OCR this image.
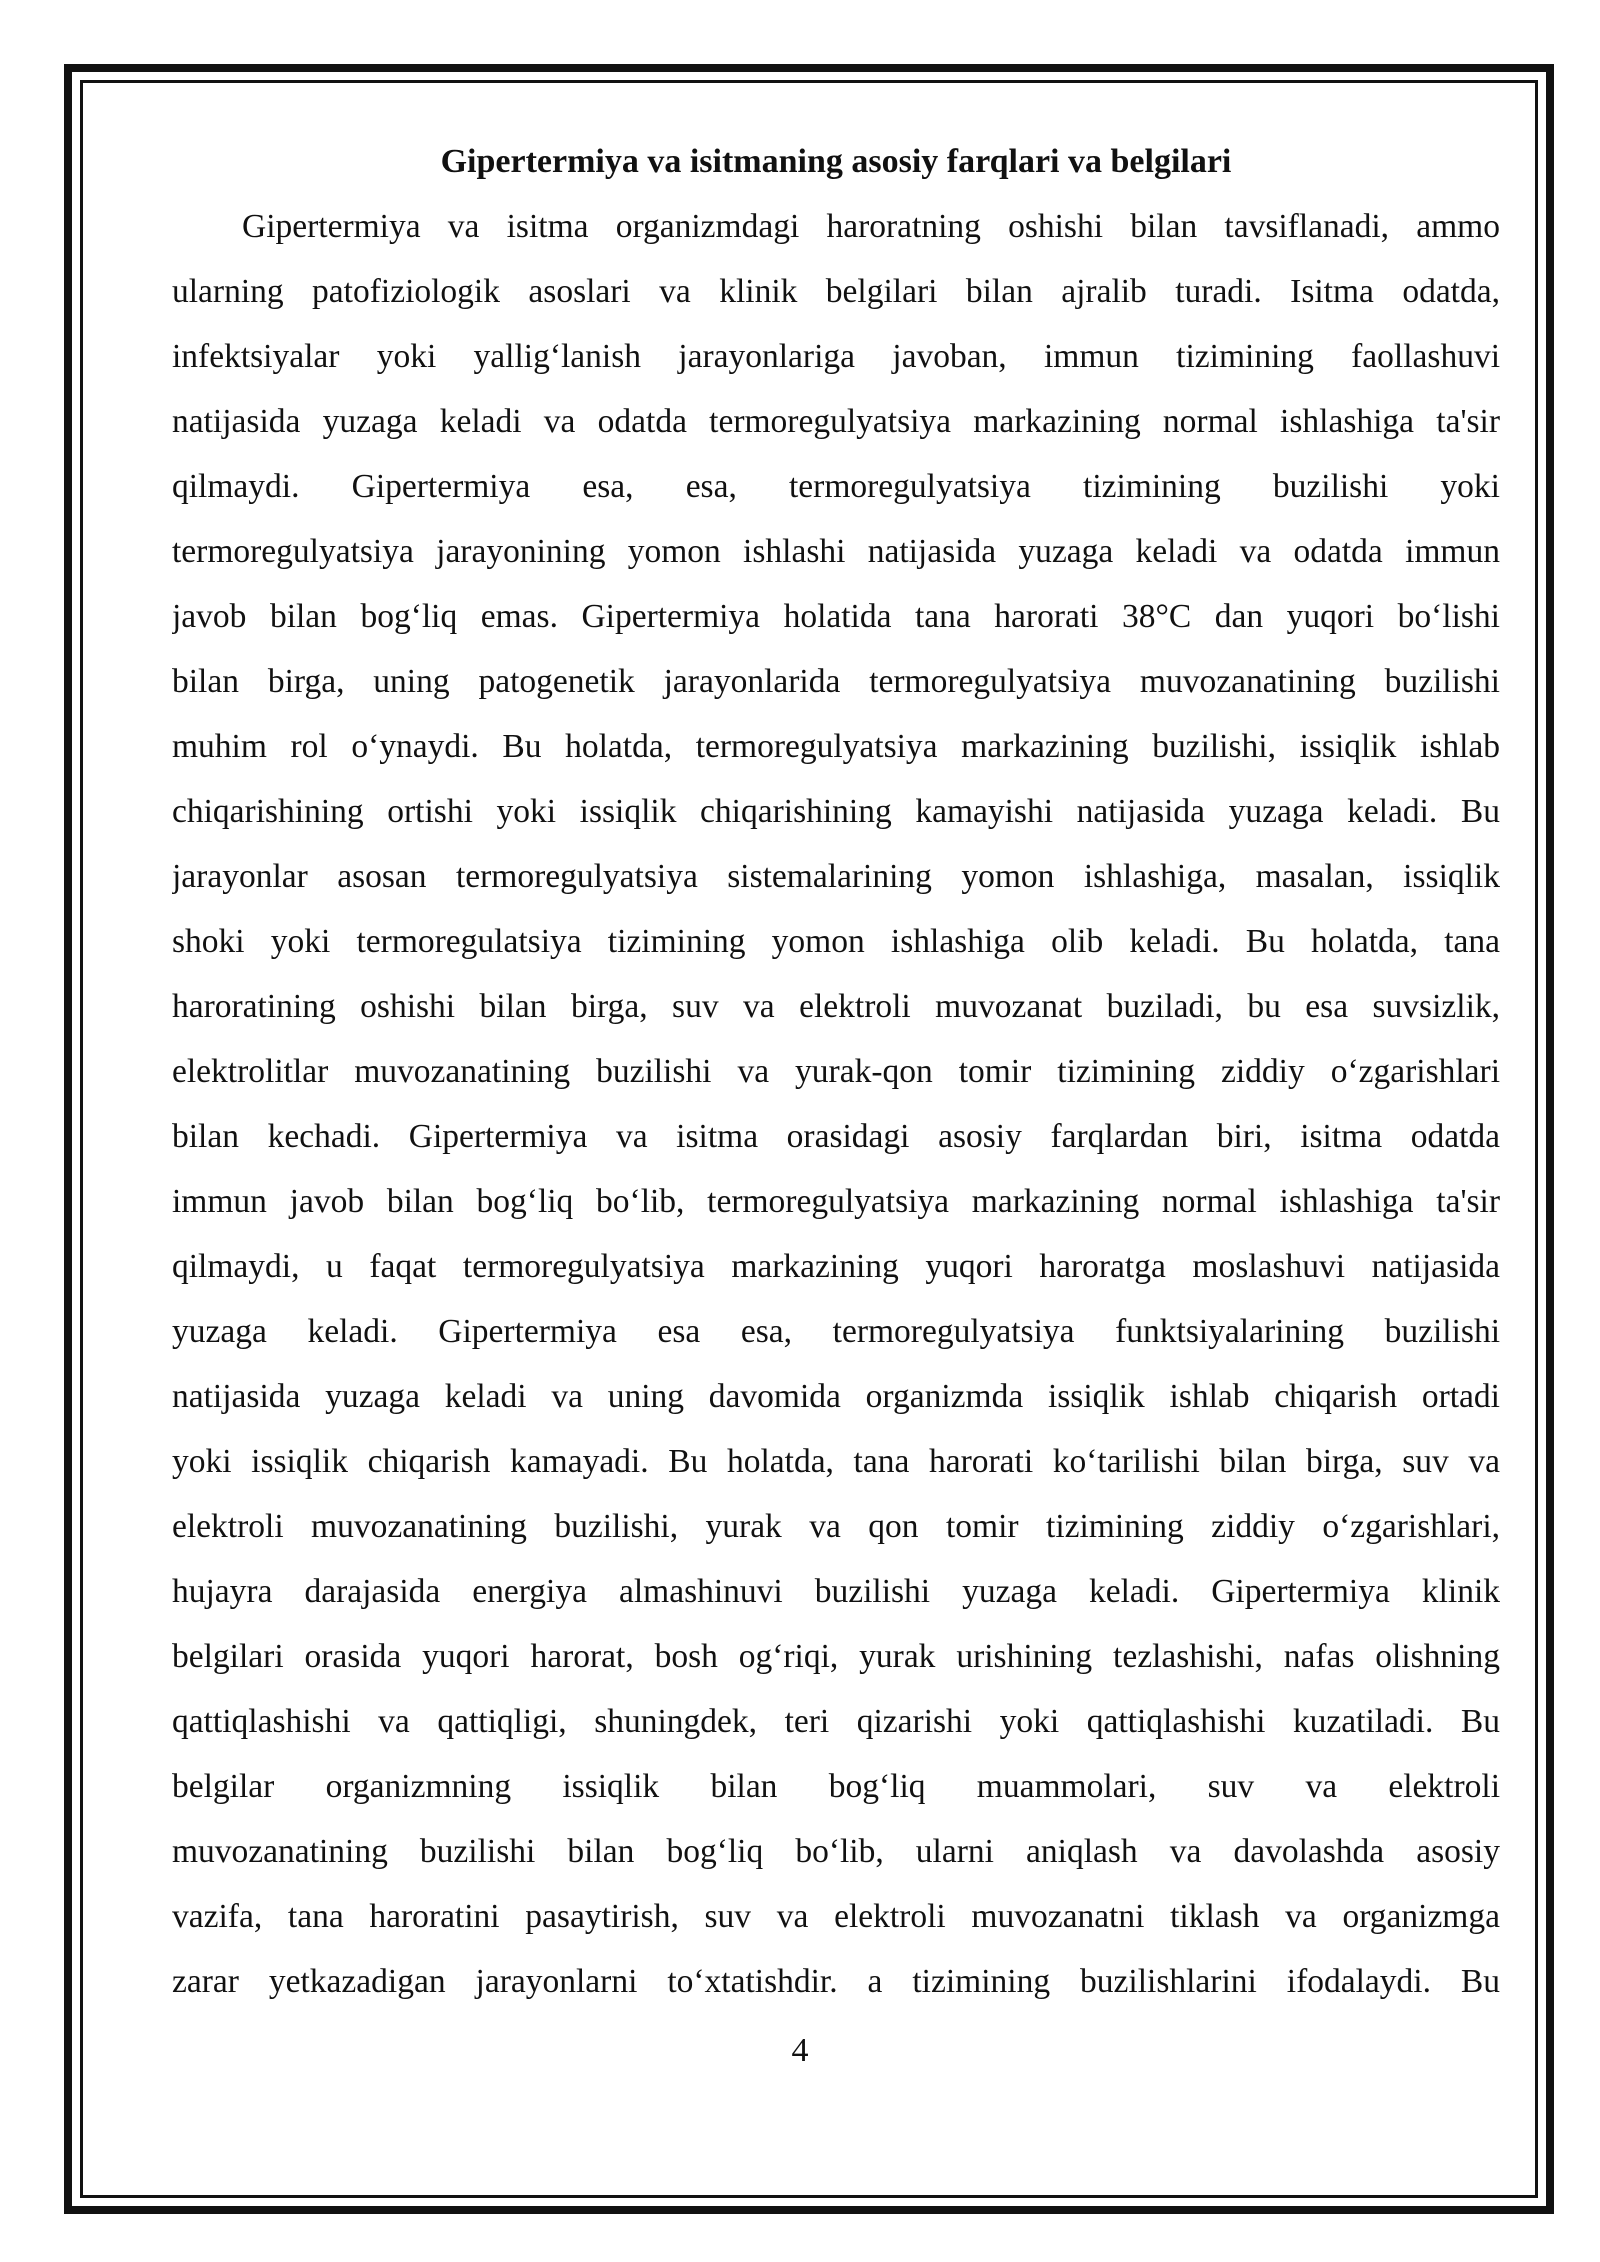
Gipertermiya va isitmaning asosiy farqlari va belgilari
Gipertermiya va isitma organizmdagi haroratning oshishi bilan tavsiflanadi, ammo
ularning patofiziologik asoslari va klinik belgilari bilan ajralib turadi. Isitma odatda,
infektsiyalar yoki yallig‘lanish jarayonlariga javoban, immun tizimining faollashuvi
natijasida yuzaga keladi va odatda termoregulyatsiya markazining normal ishlashiga ta'sir
qilmaydi. Gipertermiya esa, esa, termoregulyatsiya tizimining buzilishi yoki
termoregulyatsiya jarayonining yomon ishlashi natijasida yuzaga keladi va odatda immun
javob bilan bog‘liq emas. Gipertermiya holatida tana harorati 38°C dan yuqori bo‘lishi
bilan birga, uning patogenetik jarayonlarida termoregulyatsiya muvozanatining buzilishi
muhim rol o‘ynaydi. Bu holatda, termoregulyatsiya markazining buzilishi, issiqlik ishlab
chiqarishining ortishi yoki issiqlik chiqarishining kamayishi natijasida yuzaga keladi. Bu
jarayonlar asosan termoregulyatsiya sistemalarining yomon ishlashiga, masalan, issiqlik
shoki yoki termoregulatsiya tizimining yomon ishlashiga olib keladi. Bu holatda, tana
haroratining oshishi bilan birga, suv va elektroli muvozanat buziladi, bu esa suvsizlik,
elektrolitlar muvozanatining buzilishi va yurak-qon tomir tizimining ziddiy o‘zgarishlari
bilan kechadi. Gipertermiya va isitma orasidagi asosiy farqlardan biri, isitma odatda
immun javob bilan bog‘liq bo‘lib, termoregulyatsiya markazining normal ishlashiga ta'sir
qilmaydi, u faqat termoregulyatsiya markazining yuqori haroratga moslashuvi natijasida
yuzaga keladi. Gipertermiya esa esa, termoregulyatsiya funktsiyalarining buzilishi
natijasida yuzaga keladi va uning davomida organizmda issiqlik ishlab chiqarish ortadi
yoki issiqlik chiqarish kamayadi. Bu holatda, tana harorati ko‘tarilishi bilan birga, suv va
elektroli muvozanatining buzilishi, yurak va qon tomir tizimining ziddiy o‘zgarishlari,
hujayra darajasida energiya almashinuvi buzilishi yuzaga keladi. Gipertermiya klinik
belgilari orasida yuqori harorat, bosh og‘riqi, yurak urishining tezlashishi, nafas olishning
qattiqlashishi va qattiqligi, shuningdek, teri qizarishi yoki qattiqlashishi kuzatiladi. Bu
belgilar organizmning issiqlik bilan bog‘liq muammolari, suv va elektroli
muvozanatining buzilishi bilan bog‘liq bo‘lib, ularni aniqlash va davolashda asosiy
vazifa, tana haroratini pasaytirish, suv va elektroli muvozanatni tiklash va organizmga
zarar yetkazadigan jarayonlarni to‘xtatishdir. a tizimining buzilishlarini ifodalaydi. Bu
4
